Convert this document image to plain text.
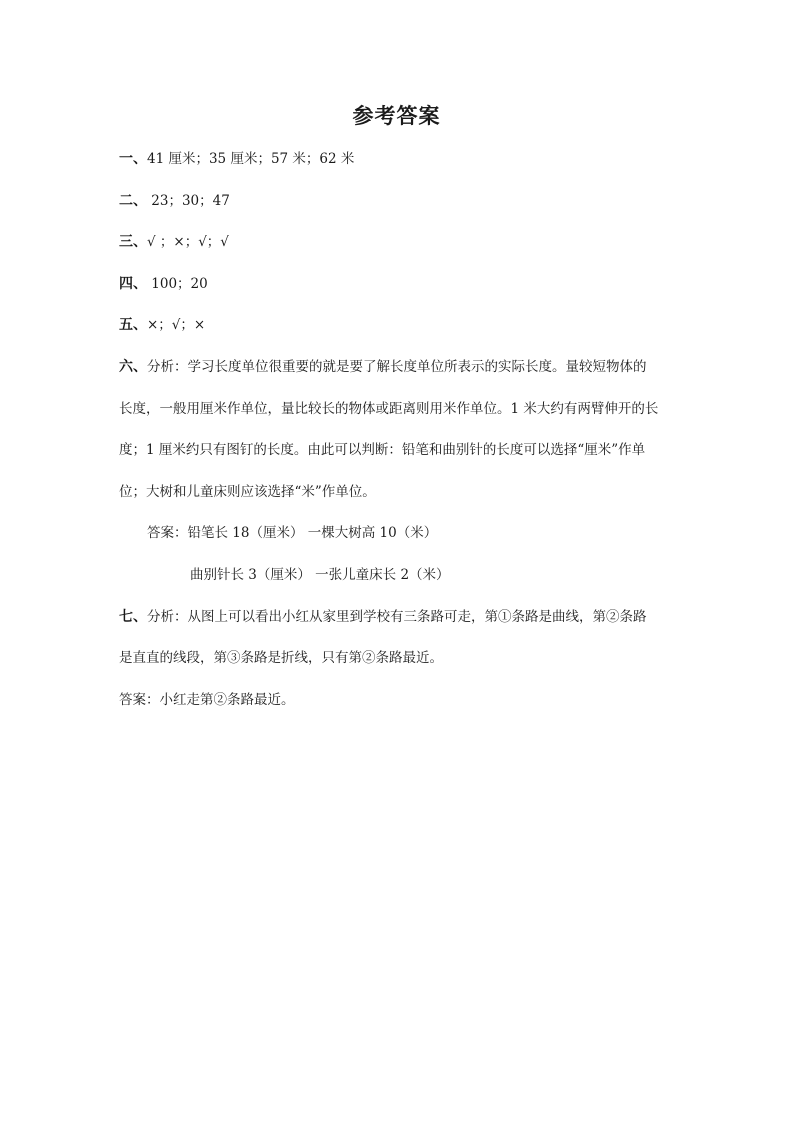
参考答案
一、41 厘米；35 厘米；57 米；62 米
二、 23；30；47
三、√ ；×；√；√
四、 100；20
五、×；√；×
六、分析：学习长度单位很重要的就是要了解长度单位所表示的实际长度。量较短物体的
长度，一般用厘米作单位，量比较长的物体或距离则用米作单位。1 米大约有两臂伸开的长
度；1 厘米约只有图钉的长度。由此可以判断：铅笔和曲别针的长度可以选择“厘米”作单
位；大树和儿童床则应该选择“米”作单位。
答案：铅笔长 18（厘米） 一棵大树高 10（米）
曲别针长 3（厘米） 一张儿童床长 2（米）
七、分析：从图上可以看出小红从家里到学校有三条路可走，第①条路是曲线，第②条路
是直直的线段，第③条路是折线，只有第②条路最近。
答案：小红走第②条路最近。
